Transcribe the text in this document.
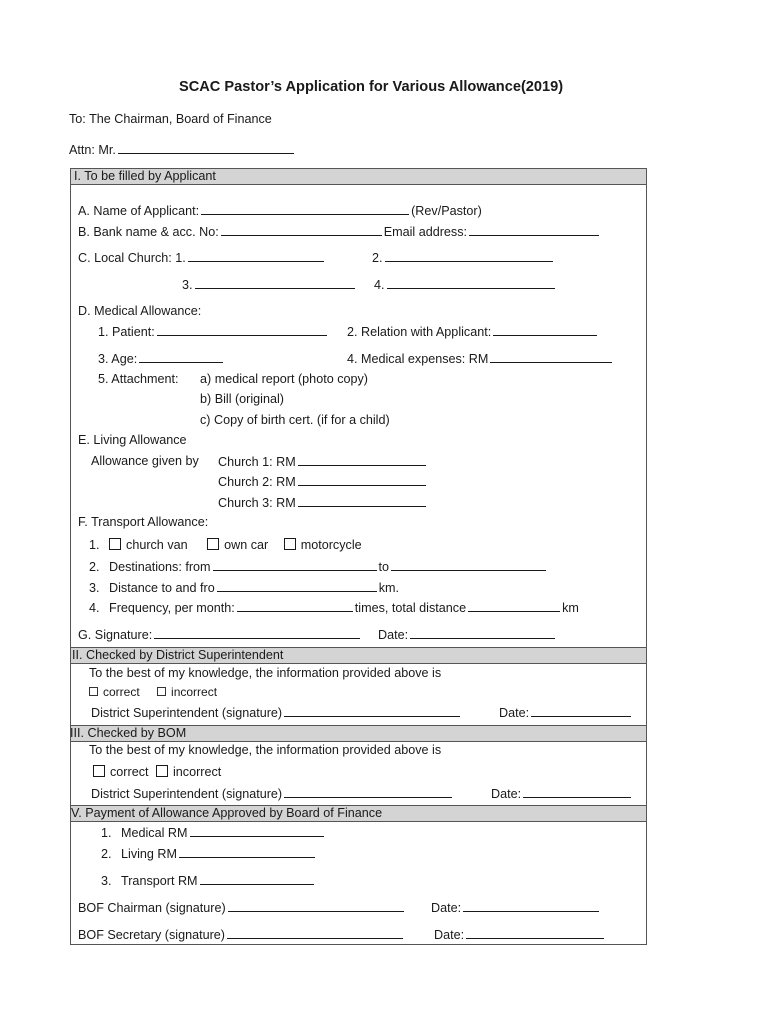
SCAC Pastor’s Application for Various Allowance(2019)
To: The Chairman, Board of Finance
Attn: Mr.
I. To be filled by Applicant
A. Name of Applicant:	(Rev/Pastor)
B. Bank name & acc. No:	Email address:
C. Local Church: 1.	2.
3.	4.
D. Medical Allowance:
1. Patient:	2. Relation with Applicant:
3. Age:	4. Medical expenses: RM
5. Attachment: a) medical report (photo copy)
b) Bill (original)
c) Copy of birth cert. (if for a child)
E. Living Allowance
Allowance given by Church 1: RM
Church 2: RM
Church 3: RM
F. Transport Allowance:
1. church van	own car	motorcycle
2. Destinations: from	to
3. Distance to and fro	km.
4. Frequency, per month:	times, total distance	km
G. Signature:	Date:
II. Checked by District Superintendent
To the best of my knowledge, the information provided above is
correct	incorrect
District Superintendent (signature)	Date:
III. Checked by BOM
To the best of my knowledge, the information provided above is
correct incorrect
District Superintendent (signature)	Date:
V. Payment of Allowance Approved by Board of Finance
1. Medical RM
2. Living RM
3. Transport RM
BOF Chairman (signature)	Date:
BOF Secretary (signature)	Date:
